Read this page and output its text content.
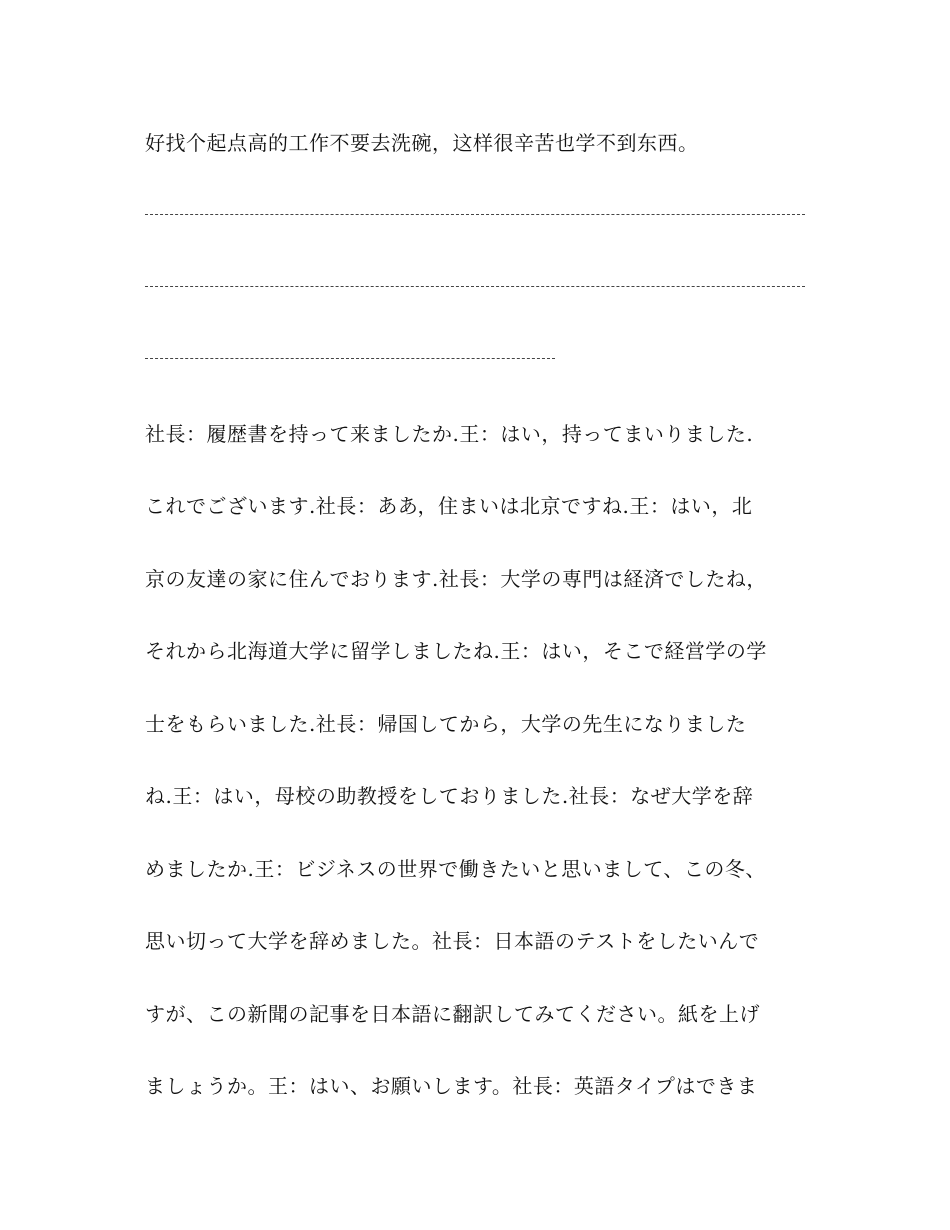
好找个起点高的工作不要去洗碗，这样很辛苦也学不到东西。
社長：履歴書を持って来ましたか.王：はい，持ってまいりました.
これでございます.社長：ああ，住まいは北京ですね.王：はい，北
京の友達の家に住んでおります.社長：大学の専門は経済でしたね，
それから北海道大学に留学しましたね.王：はい，そこで経営学の学
士をもらいました.社長：帰国してから，大学の先生になりました
ね.王：はい，母校の助教授をしておりました.社長：なぜ大学を辞
めましたか.王：ビジネスの世界で働きたいと思いまして、この冬、
思い切って大学を辞めました。社長：日本語のテストをしたいんで
すが、この新聞の記事を日本語に翻訳してみてください。紙を上げ
ましょうか。王：はい、お願いします。社長：英語タイプはできま
